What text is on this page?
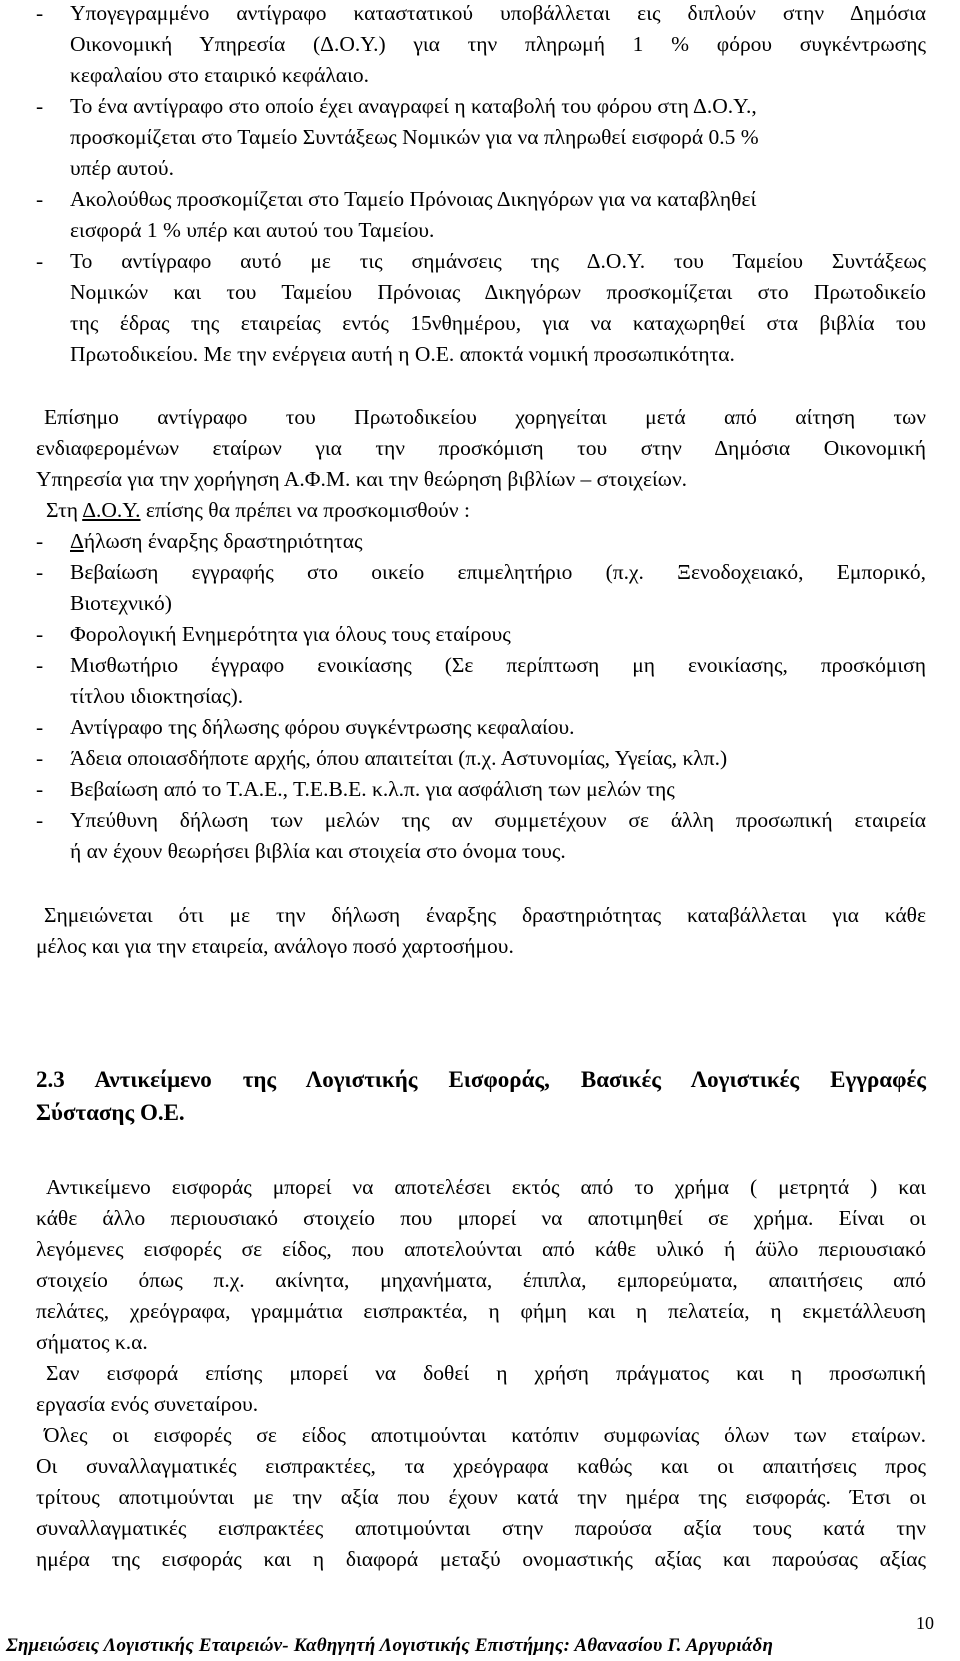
- Υπογεγραμμένο αντίγραφο καταστατικού υποβάλλεται εις διπλούν στην Δημόσια
Οικονομική Υπηρεσία (Δ.Ο.Υ.) για την πληρωμή 1 % φόρου συγκέντρωσης
κεφαλαίου στο εταιρικό κεφάλαιο.
- Το ένα αντίγραφο στο οποίο έχει αναγραφεί η καταβολή του φόρου στη Δ.Ο.Υ.,
προσκομίζεται στο Ταμείο Συντάξεως Νομικών για να πληρωθεί εισφορά 0.5 %
υπέρ αυτού.
- Ακολούθως προσκομίζεται στο Ταμείο Πρόνοιας Δικηγόρων για να καταβληθεί
εισφορά 1 % υπέρ και αυτού του Ταμείου.
- Το αντίγραφο αυτό με τις σημάνσεις της Δ.Ο.Υ. του Ταμείου Συντάξεως
Νομικών και του Ταμείου Πρόνοιας Δικηγόρων προσκομίζεται στο Πρωτοδικείο
της έδρας της εταιρείας εντός 15νθημέρου, για να καταχωρηθεί στα βιβλία του
Πρωτοδικείου. Με την ενέργεια αυτή η Ο.Ε. αποκτά νομική προσωπικότητα.
Επίσημο αντίγραφο του Πρωτοδικείου χορηγείται μετά από αίτηση των
ενδιαφερομένων εταίρων για την προσκόμιση του στην Δημόσια Οικονομική
Υπηρεσία για την χορήγηση Α.Φ.Μ. και την θεώρηση βιβλίων – στοιχείων.
Στη Δ.Ο.Υ. επίσης θα πρέπει να προσκομισθούν :
- Δήλωση έναρξης δραστηριότητας
- Βεβαίωση εγγραφής στο οικείο επιμελητήριο (π.χ. Ξενοδοχειακό, Εμπορικό,
Βιοτεχνικό)
- Φορολογική Ενημερότητα για όλους τους εταίρους
- Μισθωτήριο έγγραφο ενοικίασης (Σε περίπτωση μη ενοικίασης, προσκόμιση
τίτλου ιδιοκτησίας).
- Αντίγραφο της δήλωσης φόρου συγκέντρωσης κεφαλαίου.
- Άδεια οποιασδήποτε αρχής, όπου απαιτείται (π.χ. Αστυνομίας, Υγείας, κλπ.)
- Βεβαίωση από το Τ.Α.Ε., Τ.Ε.Β.Ε. κ.λ.π. για ασφάλιση των μελών της
- Υπεύθυνη δήλωση των μελών της αν συμμετέχουν σε άλλη προσωπική εταιρεία
ή αν έχουν θεωρήσει βιβλία και στοιχεία στο όνομα τους.
Σημειώνεται ότι με την δήλωση έναρξης δραστηριότητας καταβάλλεται για κάθε
μέλος και για την εταιρεία, ανάλογο ποσό χαρτοσήμου.
2.3 Αντικείμενο της Λογιστικής Εισφοράς, Βασικές Λογιστικές Εγγραφές
Σύστασης Ο.Ε.
Αντικείμενο εισφοράς μπορεί να αποτελέσει εκτός από το χρήμα ( μετρητά ) και
κάθε άλλο περιουσιακό στοιχείο που μπορεί να αποτιμηθεί σε χρήμα. Είναι οι
λεγόμενες εισφορές σε είδος, που αποτελούνται από κάθε υλικό ή άϋλο περιουσιακό
στοιχείο όπως π.χ. ακίνητα, μηχανήματα, έπιπλα, εμπορεύματα, απαιτήσεις από
πελάτες, χρεόγραφα, γραμμάτια εισπρακτέα, η φήμη και η πελατεία, η εκμετάλλευση
σήματος κ.α.
Σαν εισφορά επίσης μπορεί να δοθεί η χρήση πράγματος και η προσωπική
εργασία ενός συνεταίρου.
Όλες οι εισφορές σε είδος αποτιμούνται κατόπιν συμφωνίας όλων των εταίρων.
Οι συναλλαγματικές εισπρακτέες, τα χρεόγραφα καθώς και οι απαιτήσεις προς
τρίτους αποτιμούνται με την αξία που έχουν κατά την ημέρα της εισφοράς. Έτσι οι
συναλλαγματικές εισπρακτέες αποτιμούνται στην παρούσα αξία τους κατά την
ημέρα της εισφοράς και η διαφορά μεταξύ ονομαστικής αξίας και παρούσας αξίας
10
Σημειώσεις Λογιστικής Εταιρειών- Καθηγητή Λογιστικής Επιστήμης: Αθανασίου Γ. Αργυριάδη
